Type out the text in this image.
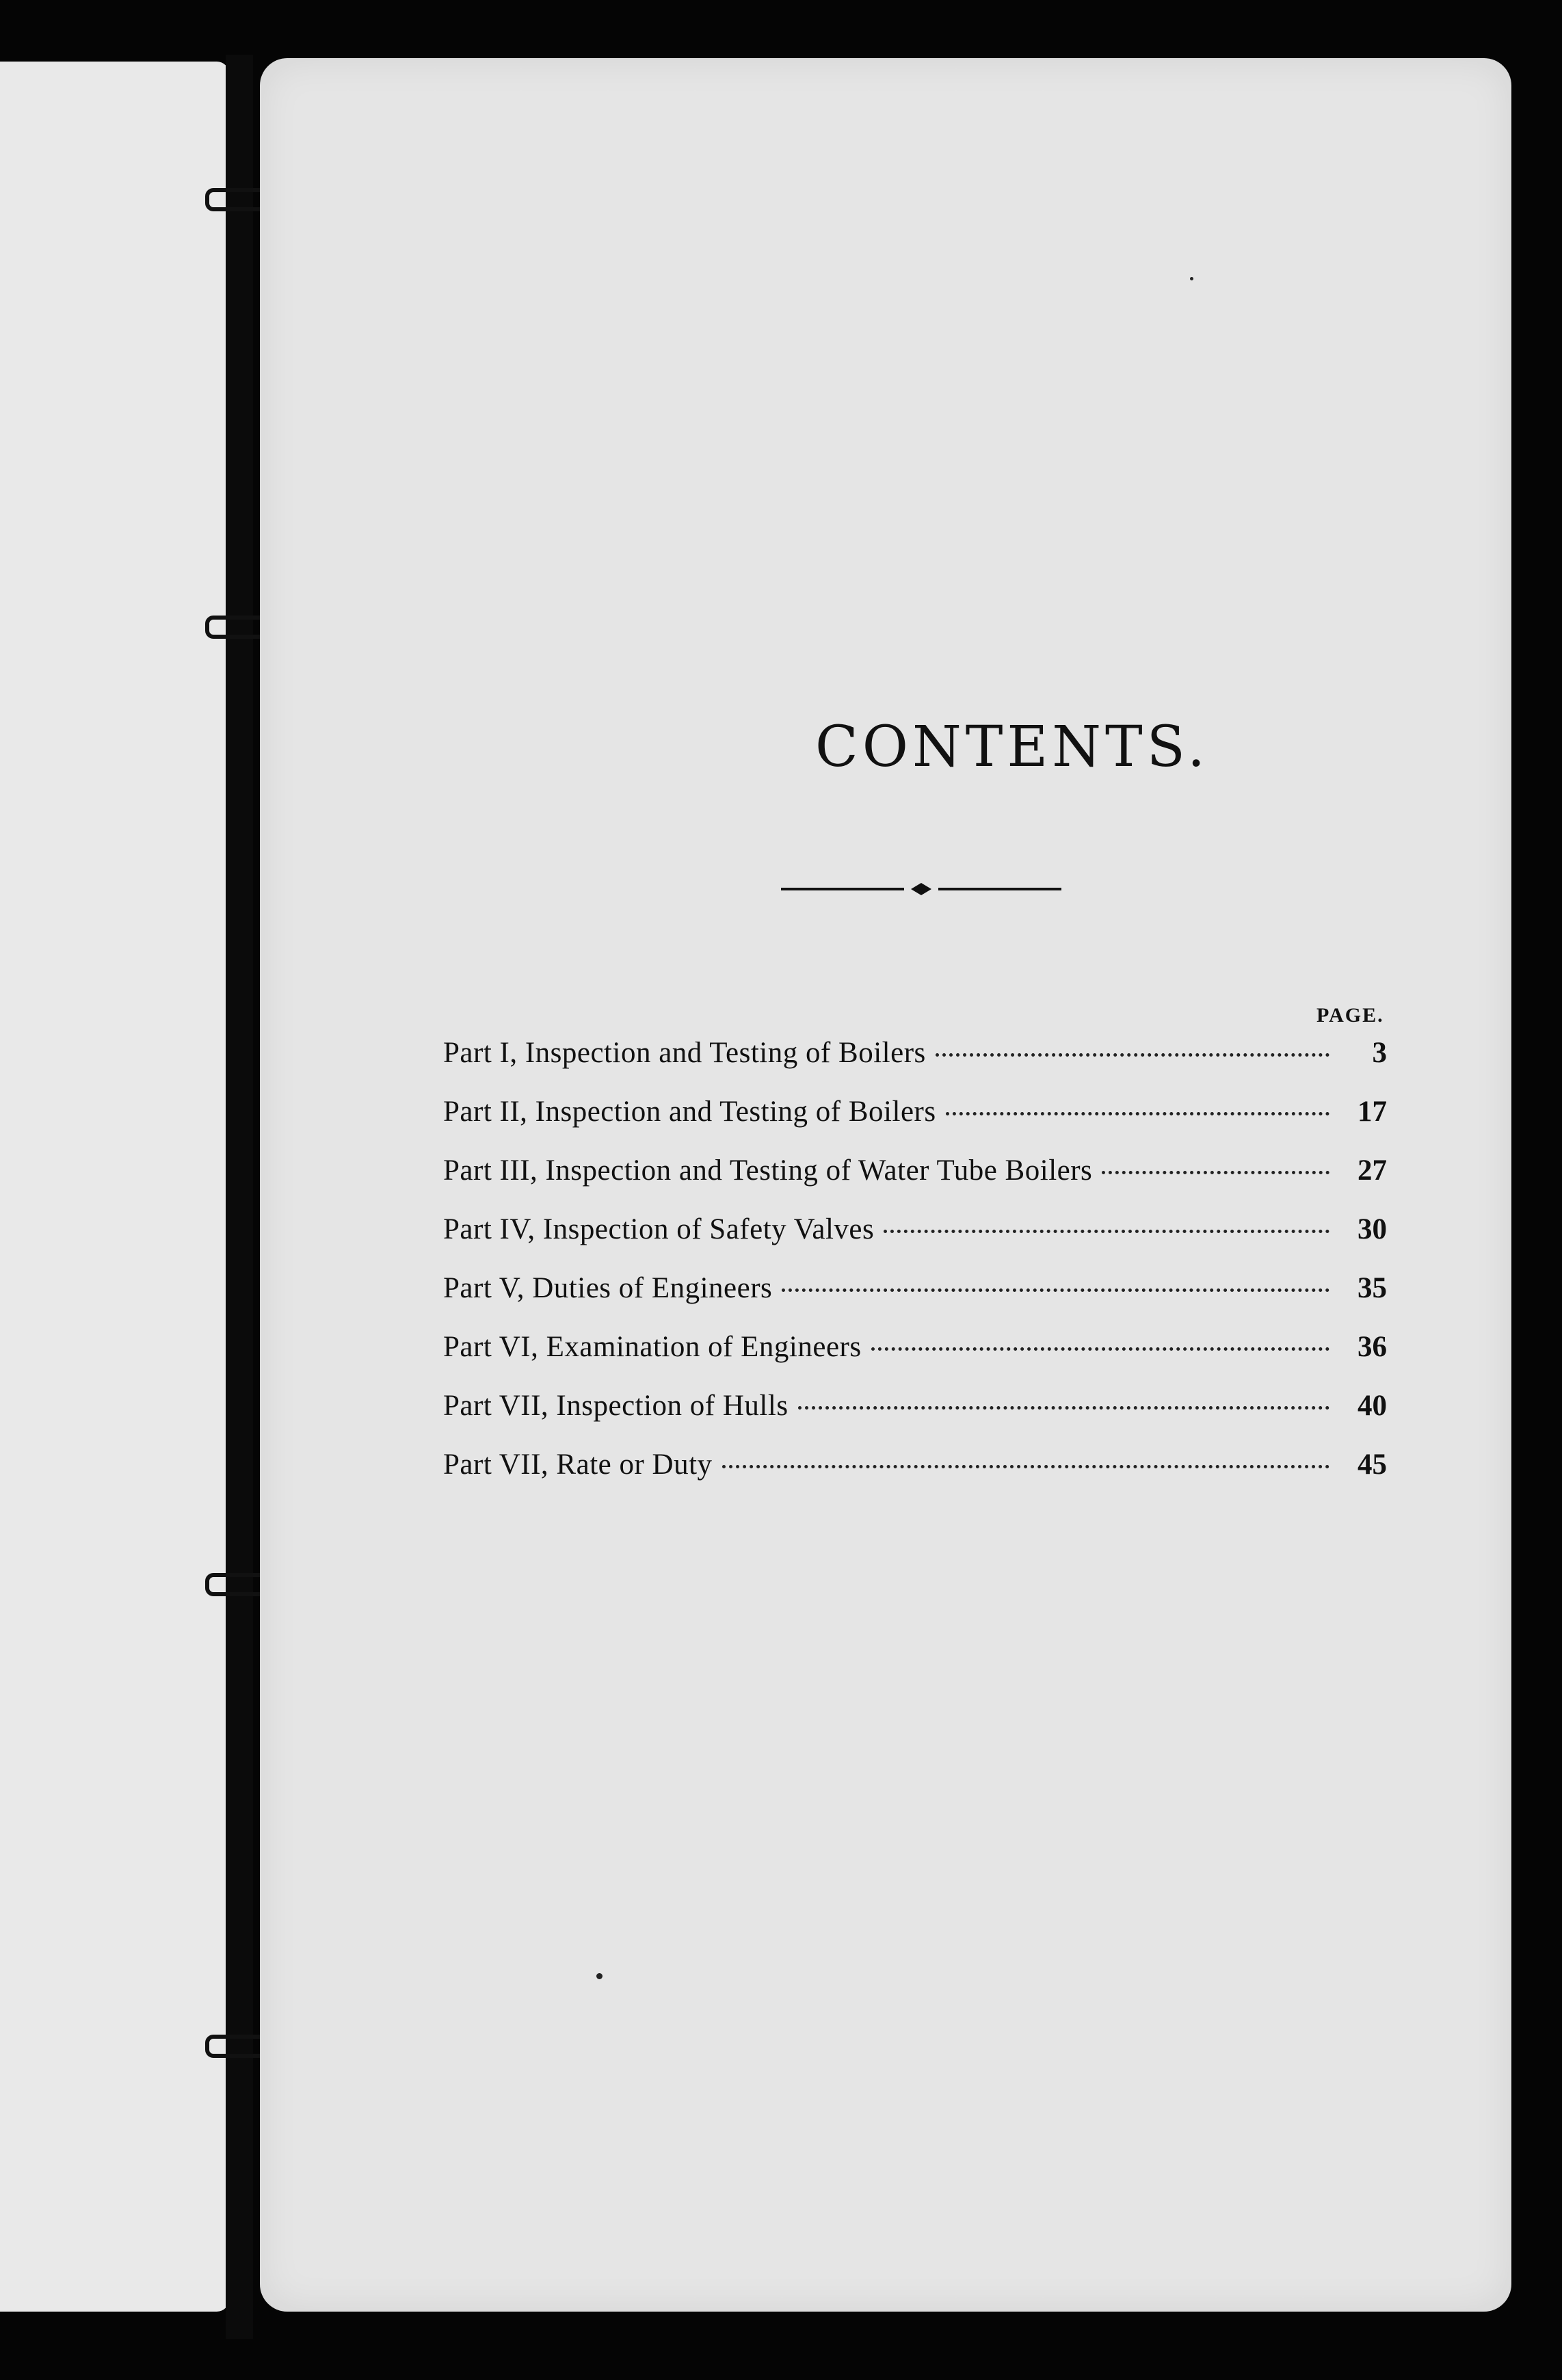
CONTENTS.
PAGE.
Part I, Inspection and Testing of Boilers	3
Part II, Inspection and Testing of Boilers	17
Part III, Inspection and Testing of Water Tube Boilers	27
Part IV, Inspection of Safety Valves	30
Part V, Duties of Engineers	35
Part VI, Examination of Engineers	36
Part VII, Inspection of Hulls	40
Part VII, Rate or Duty	45
